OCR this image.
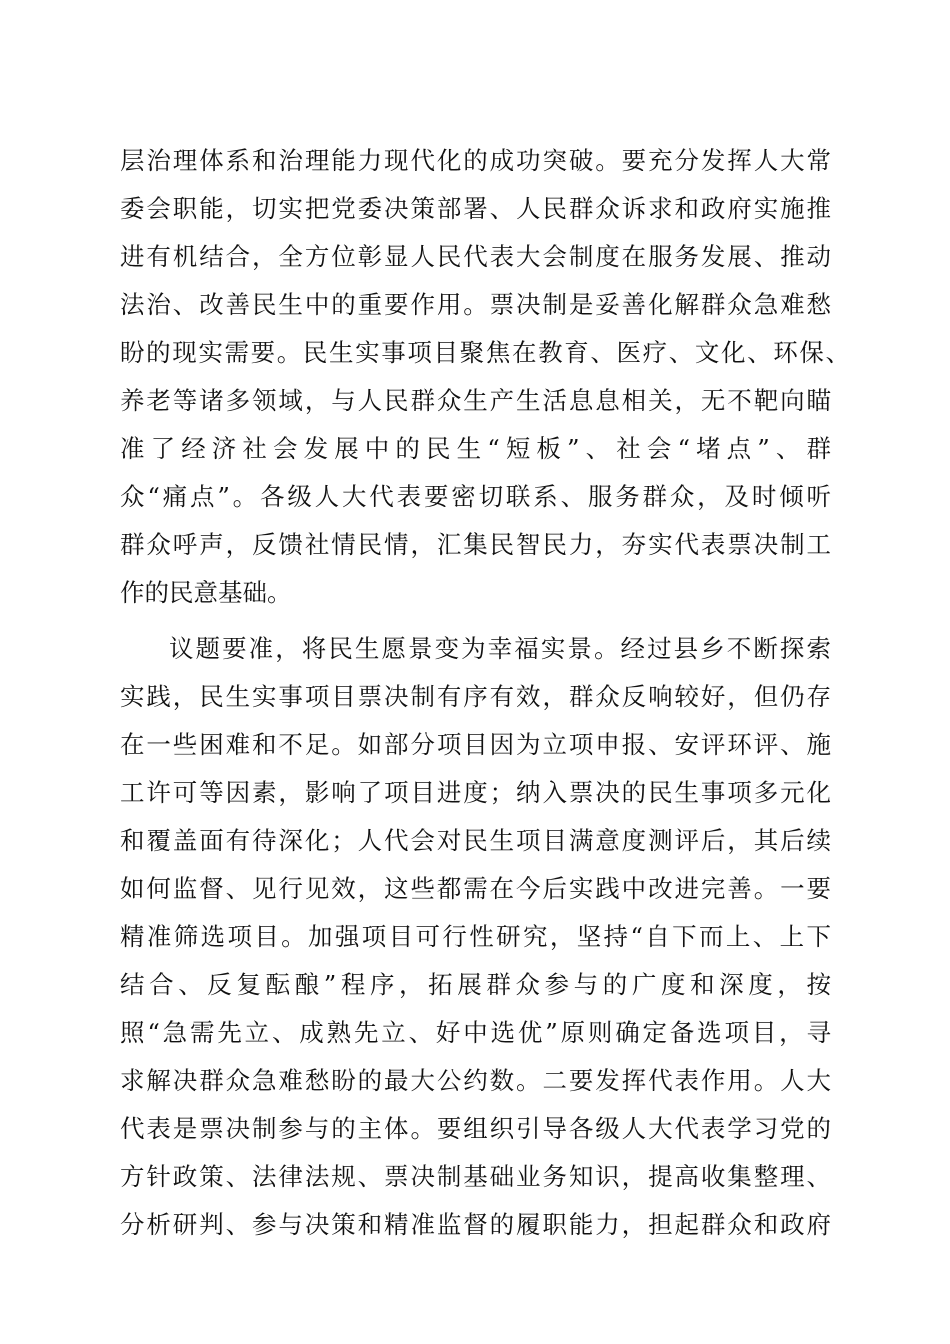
层治理体系和治理能力现代化的成功突破。要充分发挥人大常
委会职能，切实把党委决策部署、人民群众诉求和政府实施推
进有机结合，全方位彰显人民代表大会制度在服务发展、推动
法治、改善民生中的重要作用。票决制是妥善化解群众急难愁
盼的现实需要。民生实事项目聚焦在教育、医疗、文化、环保、
养老等诸多领域，与人民群众生产生活息息相关，无不靶向瞄
准了经济社会发展中的民生“短板”、社会“堵点”、群
众“痛点”。各级人大代表要密切联系、服务群众，及时倾听
群众呼声，反馈社情民情，汇集民智民力，夯实代表票决制工
作的民意基础。
议题要准，将民生愿景变为幸福实景。经过县乡不断探索
实践，民生实事项目票决制有序有效，群众反响较好，但仍存
在一些困难和不足。如部分项目因为立项申报、安评环评、施
工许可等因素，影响了项目进度；纳入票决的民生事项多元化
和覆盖面有待深化；人代会对民生项目满意度测评后，其后续
如何监督、见行见效，这些都需在今后实践中改进完善。一要
精准筛选项目。加强项目可行性研究，坚持“自下而上、上下
结合、反复酝酿”程序，拓展群众参与的广度和深度，按
照“急需先立、成熟先立、好中选优”原则确定备选项目，寻
求解决群众急难愁盼的最大公约数。二要发挥代表作用。人大
代表是票决制参与的主体。要组织引导各级人大代表学习党的
方针政策、法律法规、票决制基础业务知识，提高收集整理、
分析研判、参与决策和精准监督的履职能力，担起群众和政府
